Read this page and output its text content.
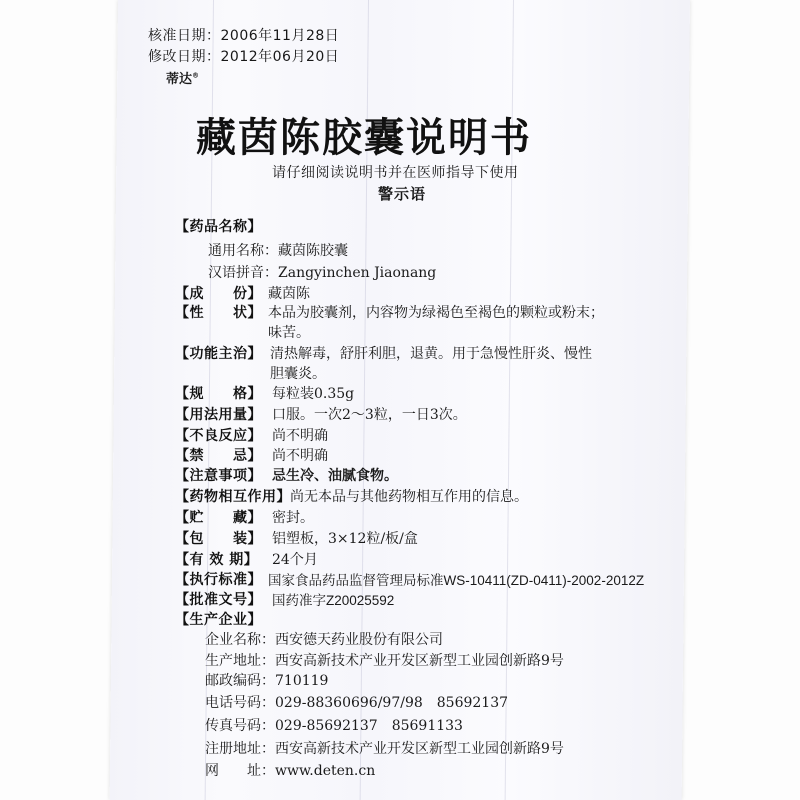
核准日期：2006年11月28日
修改日期：2012年06月20日
蒂达®
藏茵陈胶囊说明书
请仔细阅读说明书并在医师指导下使用
警示语
【药品名称】
通用名称：藏茵陈胶囊
汉语拼音：Zangyinchen Jiaonang
【成　　份】 藏茵陈
【性　　状】 本品为胶囊剂，内容物为绿褐色至褐色的颗粒或粉末；
味苦。
【功能主治】 清热解毒，舒肝利胆，退黄。用于急慢性肝炎、慢性
胆囊炎。
【规　　格】 每粒装0.35g
【用法用量】 口服。一次2～3粒，一日3次。
【不良反应】 尚不明确
【禁　　忌】 尚不明确
【注意事项】 忌生冷、油腻食物。
【药物相互作用】 尚无本品与其他药物相互作用的信息。
【贮　　藏】 密封。
【包　　装】 铝塑板，3×12粒/板/盒
【有 效 期】 24个月
【执行标准】 国家食品药品监督管理局标准WS-10411(ZD-0411)-2002-2012Z
【批准文号】 国药准字Z20025592
【生产企业】
企业名称：西安德天药业股份有限公司
生产地址：西安高新技术产业开发区新型工业园创新路9号
邮政编码：710119
电话号码：029-88360696/97/98　85692137
传真号码：029-85692137　85691133
注册地址：西安高新技术产业开发区新型工业园创新路9号
网　　址：www.deten.cn
